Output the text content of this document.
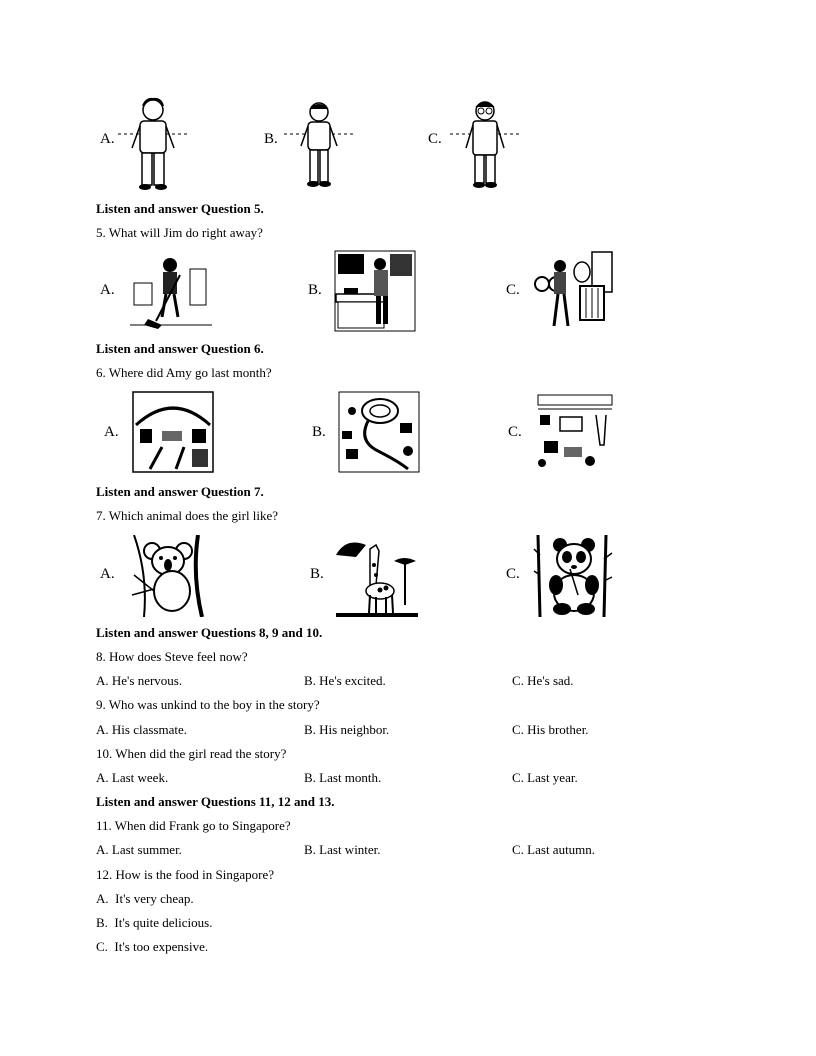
A.	B.	C.
Listen and answer Question 5.
5. What will Jim do right away?
A.	B.	C.
Listen and answer Question 6.
6. Where did Amy go last month?
A.	B.	C.
Listen and answer Question 7.
7. Which animal does the girl like?
A.	B.	C.
Listen and answer Questions 8, 9 and 10.
8. How does Steve feel now?
A. He's nervous.	B. He's excited.	C. He's sad.
9. Who was unkind to the boy in the story?
A. His classmate.	B. His neighbor.	C. His brother.
10. When did the girl read the story?
A. Last week.	B. Last month.	C. Last year.
Listen and answer Questions 11, 12 and 13.
11. When did Frank go to Singapore?
A. Last summer.	B. Last winter.	C. Last autumn.
12. How is the food in Singapore?
A.  It's very cheap.
B.  It's quite delicious.
C.  It's too expensive.
